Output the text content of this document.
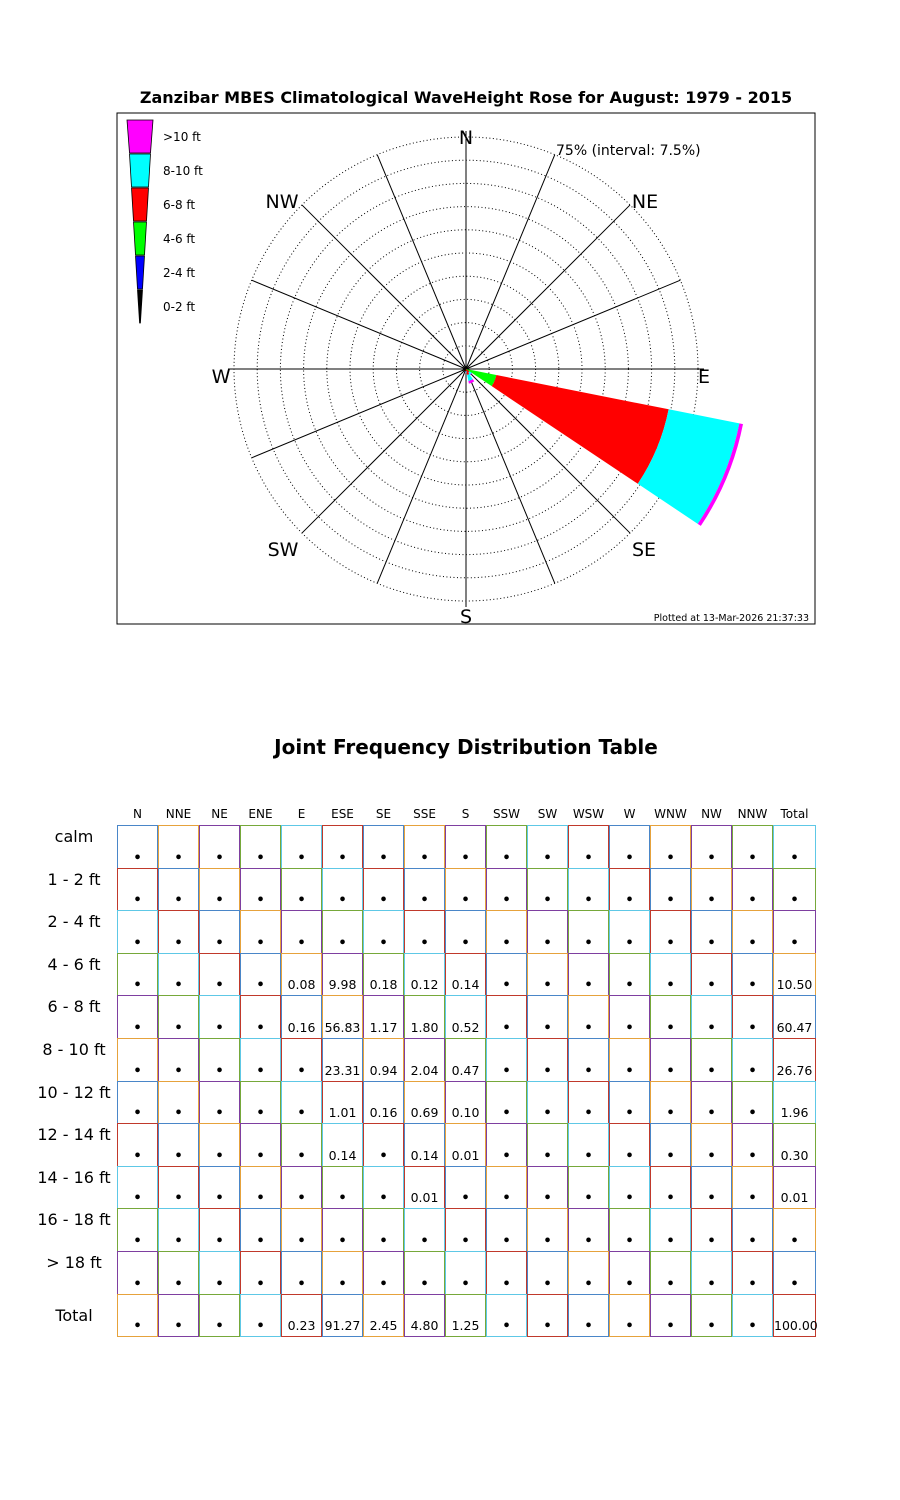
Zanzibar MBES Climatological WaveHeight Rose for August: 1979 - 2015
N
NE
E
SE
S
SW
W
NW
75% (interval: 7.5%)
Plotted at 13-Mar-2026 21:37:33
>10 ft
8-10 ft
6-8 ft
4-6 ft
2-4 ft
0-2 ft
Joint Frequency Distribution Table
N	NNE	NE	ENE	E	ESE	SE	SSE	S	SSW	SW	WSW	W	WNW	NW	NNW	Total
calm
•	•	•	•	•	•	•	•	•	•	•	•	•	•	•	•	•
1 - 2 ft
•	•	•	•	•	•	•	•	•	•	•	•	•	•	•	•	•
2 - 4 ft
•	•	•	•	•	•	•	•	•	•	•	•	•	•	•	•	•
4 - 6 ft
•	•	•	•	0.08	9.98	0.18	0.12	0.14	•	•	•	•	•	•	•	10.50
6 - 8 ft
•	•	•	•	0.16 56.83 1.17	1.80	0.52	•	•	•	•	•	•	•	60.47
8 - 10 ft
•	•	•	•	•	23.31 0.94	2.04	0.47	•	•	•	•	•	•	•	26.76
10 - 12 ft
•	•	•	•	•	1.01	0.16	0.69	0.10	•	•	•	•	•	•	•	1.96
12 - 14 ft
•	•	•	•	•	0.14	•	0.14	0.01	•	•	•	•	•	•	•	0.30
14 - 16 ft
•	•	•	•	•	•	•	0.01	•	•	•	•	•	•	•	•	0.01
16 - 18 ft
•	•	•	•	•	•	•	•	•	•	•	•	•	•	•	•	•
> 18 ft
•	•	•	•	•	•	•	•	•	•	•	•	•	•	•	•	•
Total
•	•	•	•	0.23 91.27 2.45	4.80	1.25	•	•	•	•	•	•	•	100.00
